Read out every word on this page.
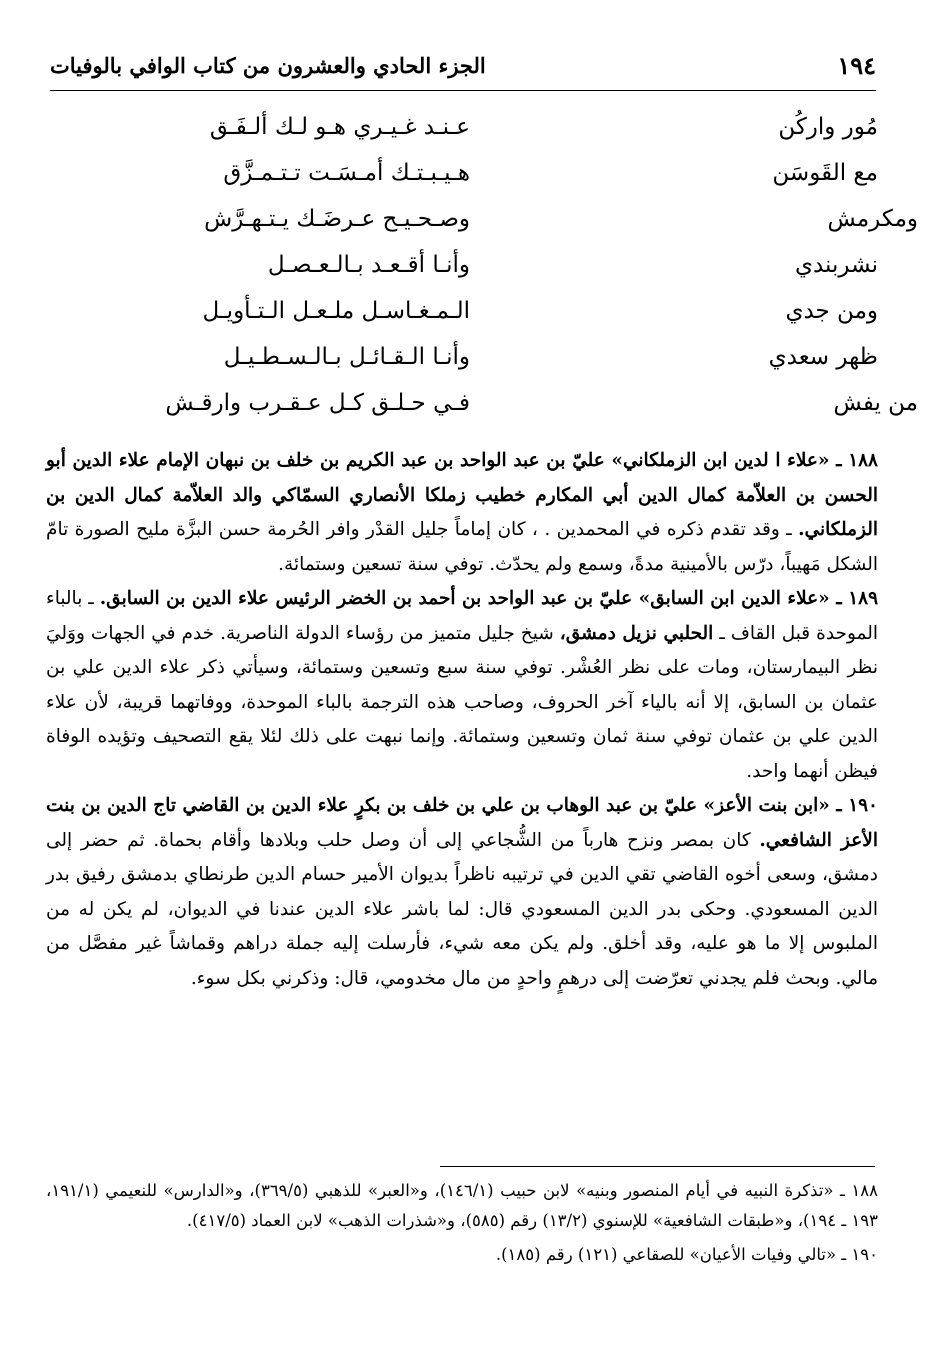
١٩٤
الجزء الحادي والعشرون من كتاب الوافي بالوفيات
مُور وارکُن
عـنـد غـيـري هـو لـك ألـفَـق
مع القَوسَن
هـيـبـتـك أمـسَـت تـتـمـزَّق
ومكرمش
وصـحـيـح عـرضَـك يـتـهـرَّش
نشربندي
وأنـا أقـعـد بـالـعـصـل
ومن جدي
الـمـغـاسـل ملـعـل الـتـأويـل
ظهر سعدي
وأنـا الـقـائـل بـالـسـطـيـل
من يفش
فـي حـلـق كـل عـقـرب وارقـش

١٨٨ ـ «علاء ا لدين ابن الزملكاني» عليّ بن عبد الواحد بن عبد الكريم بن خلف بن نبهان الإمام علاء الدين أبو الحسن بن العلاّمة كمال الدين أبي المكارم خطيب زملكا الأنصاري السمّاكي والد العلاّمة كمال الدين بن الزملكاني. ـ وقد تقدم ذكره في المحمدين . ، كان إماماً جليل القدْر وافر الحُرمة حسن البزَّة مليح الصورة تامّ الشكل مَهيباً، درّس بالأمينية مدةً، وسمع ولم يحدّث. توفي سنة تسعين وستمائة.

١٨٩ ـ «علاء الدين ابن السابق» عليّ بن عبد الواحد بن أحمد بن الخضر الرئيس علاء الدين بن السابق. ـ بالباء الموحدة قبل القاف ـ الحلبي نزيل دمشق، شيخ جليل متميز من رؤساء الدولة الناصرية. خدم في الجهات ووَليَ نظر البيمارستان، ومات على نظر العُشْر. توفي سنة سبع وتسعين وستمائة، وسيأتي ذكر علاء الدين علي بن عثمان بن السابق، إلا أنه بالياء آخر الحروف، وصاحب هذه الترجمة بالباء الموحدة، ووفاتهما قريبة، لأن علاء الدين علي بن عثمان توفي سنة ثمان وتسعين وستمائة. وإنما نبهت على ذلك لئلا يقع التصحيف وتؤيده الوفاة فيظن أنهما واحد.

١٩٠ ـ «ابن بنت الأعز» عليّ بن عبد الوهاب بن علي بن خلف بن بكرٍ علاء الدين بن القاضي تاج الدين بن بنت الأعز الشافعي. كان بمصر ونزح هارباً من الشُّجاعي إلى أن وصل حلب وبلادها وأقام بحماة. ثم حضر إلى دمشق، وسعى أخوه القاضي تقي الدين في ترتيبه ناظراً بديوان الأمير حسام الدين طرنطاي بدمشق رفيق بدر الدين المسعودي. وحكى بدر الدين المسعودي قال: لما باشر علاء الدين عندنا في الديوان، لم يكن له من الملبوس إلا ما هو عليه، وقد أخلق. ولم يكن معه شيء، فأرسلت إليه جملة دراهم وقماشاً غير مفصَّل من مالي. وبحث فلم يجدني تعرّضت إلى درهمٍ واحدٍ من مال مخدومي، قال: وذكرني بكل سوء.

١٨٨ ـ «تذكرة النبيه في أيام المنصور وبنيه» لابن حبيب (١٤٦/١)، و«العبر» للذهبي (٣٦٩/٥)، و«الدارس» للنعيمي (١٩١/١، ١٩٣ ـ ١٩٤)، و«طبقات الشافعية» للإسنوي (١٣/٢) رقم (٥٨٥)، و«شذرات الذهب» لابن العماد (٤١٧/٥).

١٩٠ ـ «تالي وفيات الأعيان» للصقاعي (١٢١) رقم (١٨٥).
